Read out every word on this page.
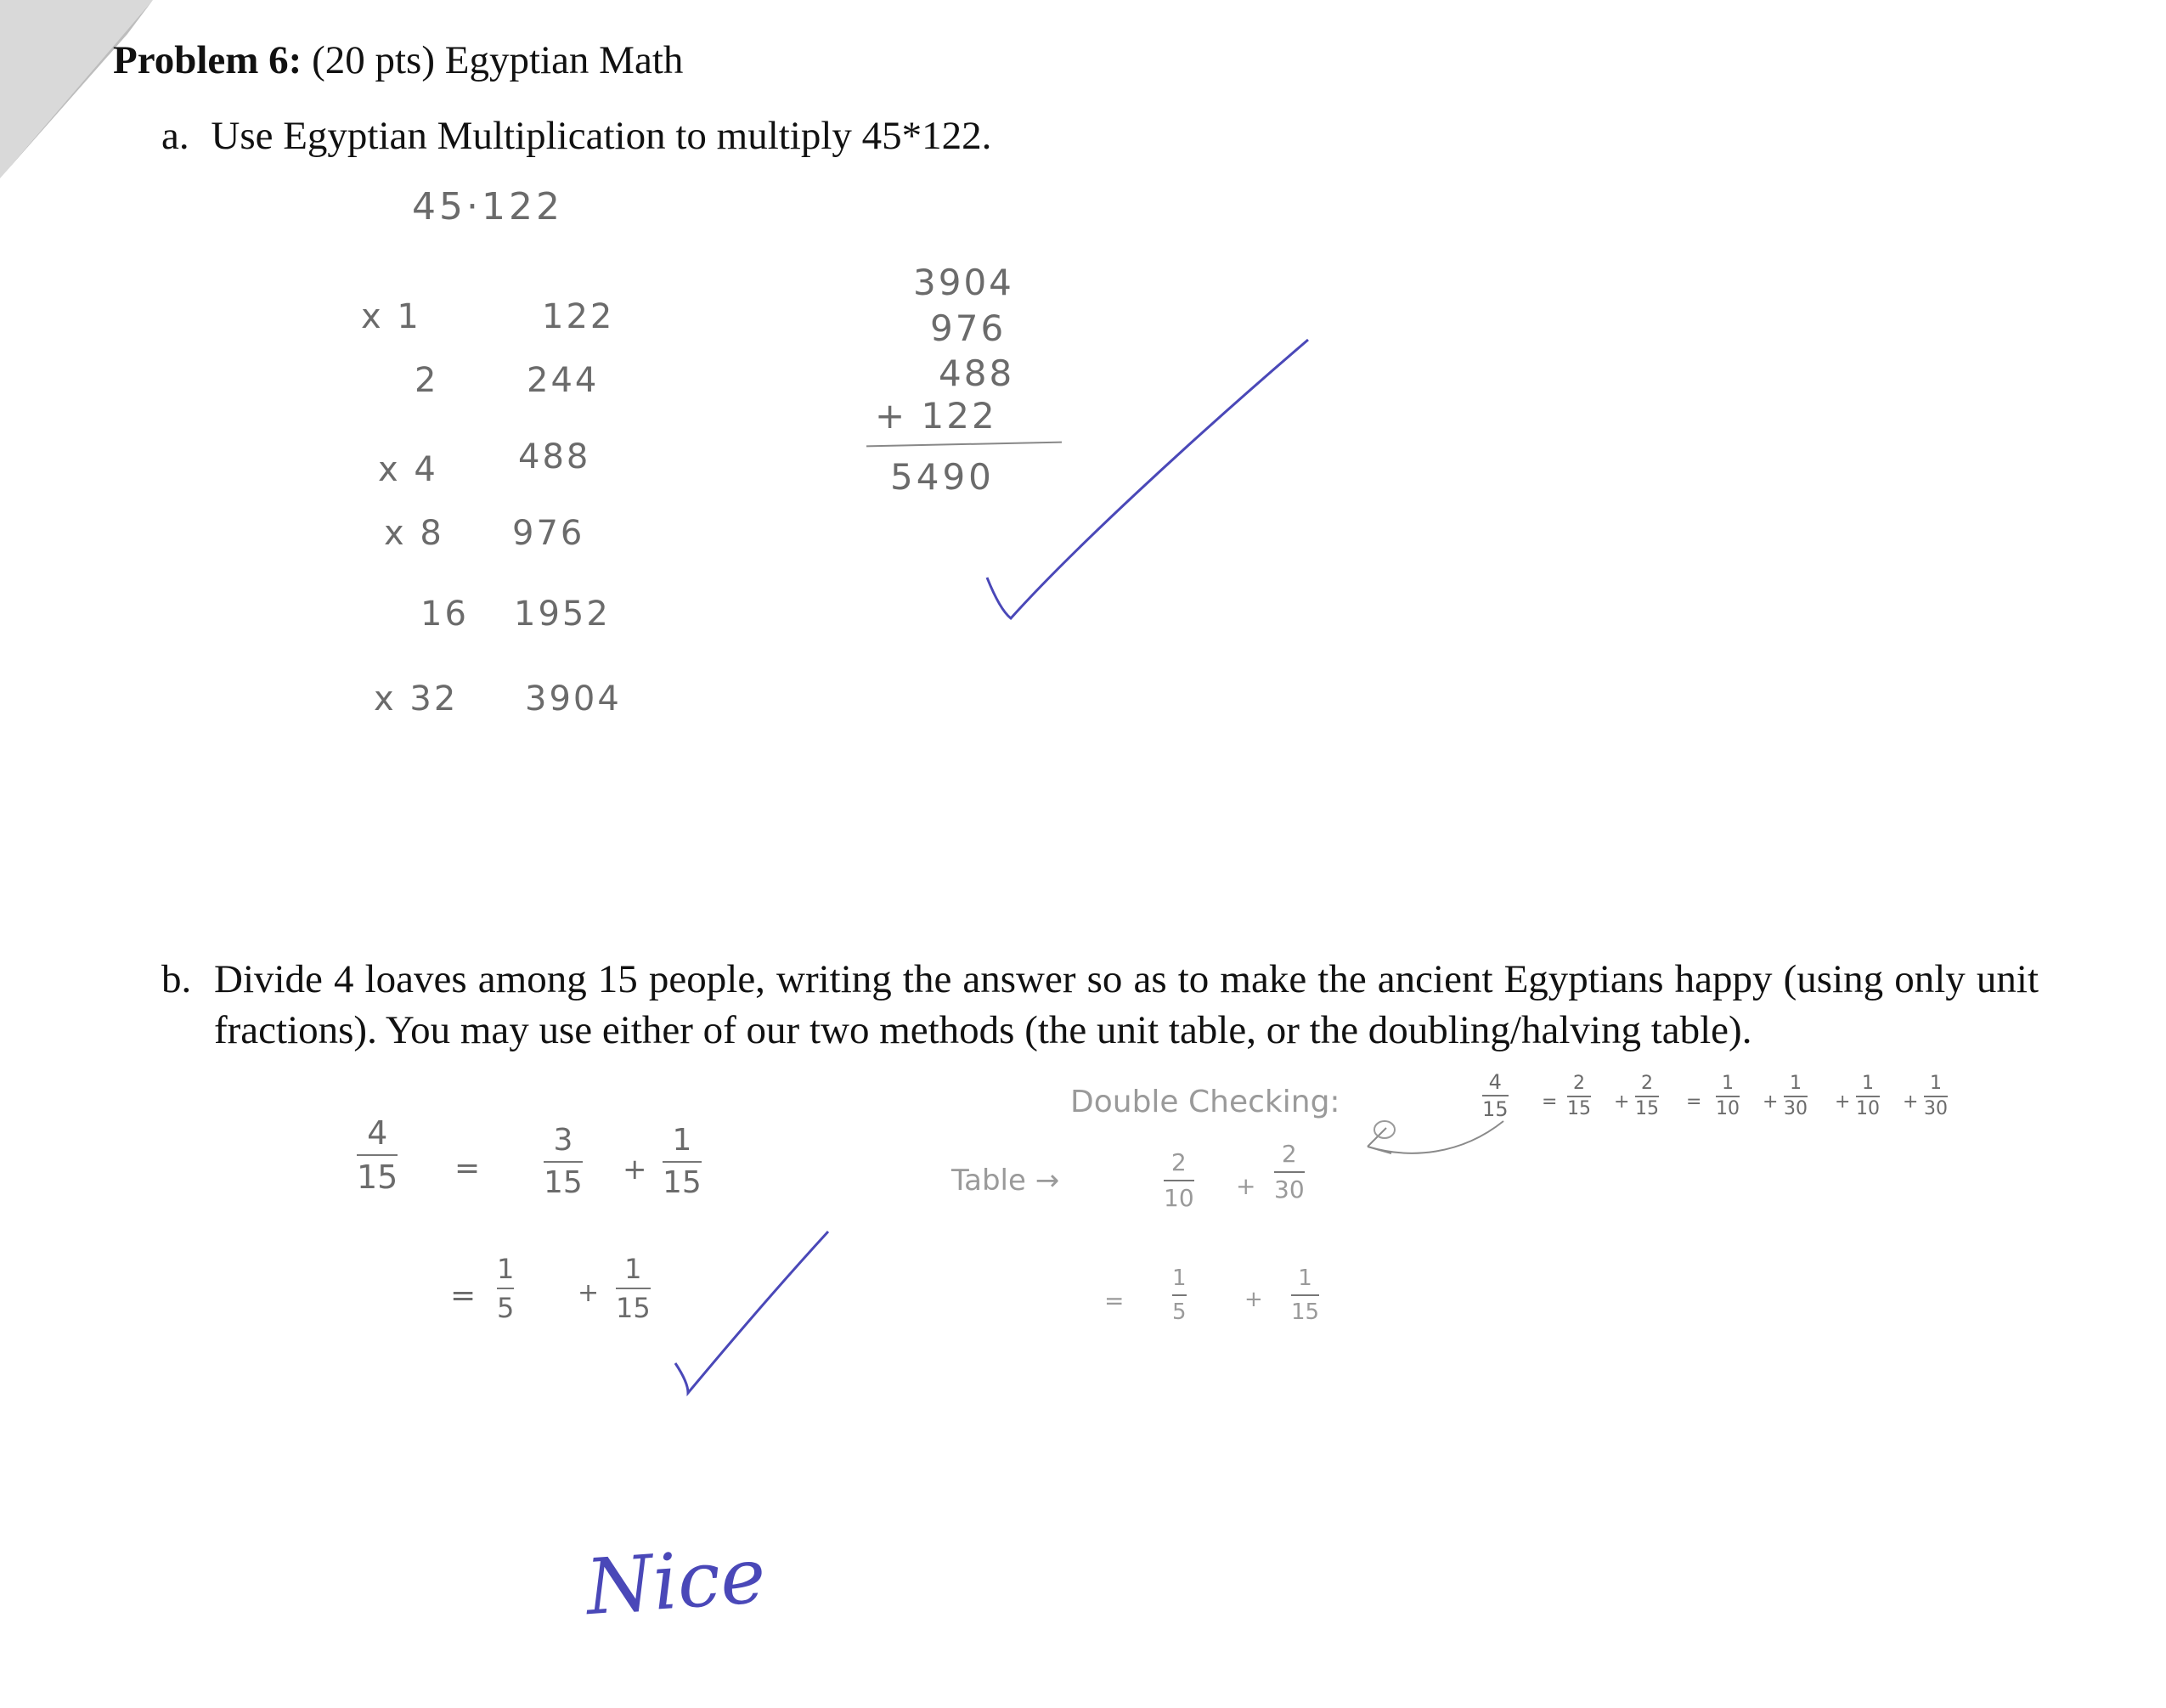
Problem 6: (20 pts) Egyptian Math
a. Use Egyptian Multiplication to multiply 45*122.
b. Divide 4 loaves among 15 people, writing the answer so as to make the ancient Egyptians happy (using only unit fractions). You may use either of our two methods (the unit table, or the doubling/halving table).
45·122
x 1	122
2	244
x 4 488
x 8 976
16 1952
x 32 3904
3904
976
488
+ 122
5490
4
15 =
3
15 +
1
15
=
1
5 +
1
15
Double Checking:
4
15 =
2
15 +
2
15 =
1
10 +
1
30 +
1
10 +
1
30
Table →
2
10 +
2
30
=
1
5	+
1
15
Nice
